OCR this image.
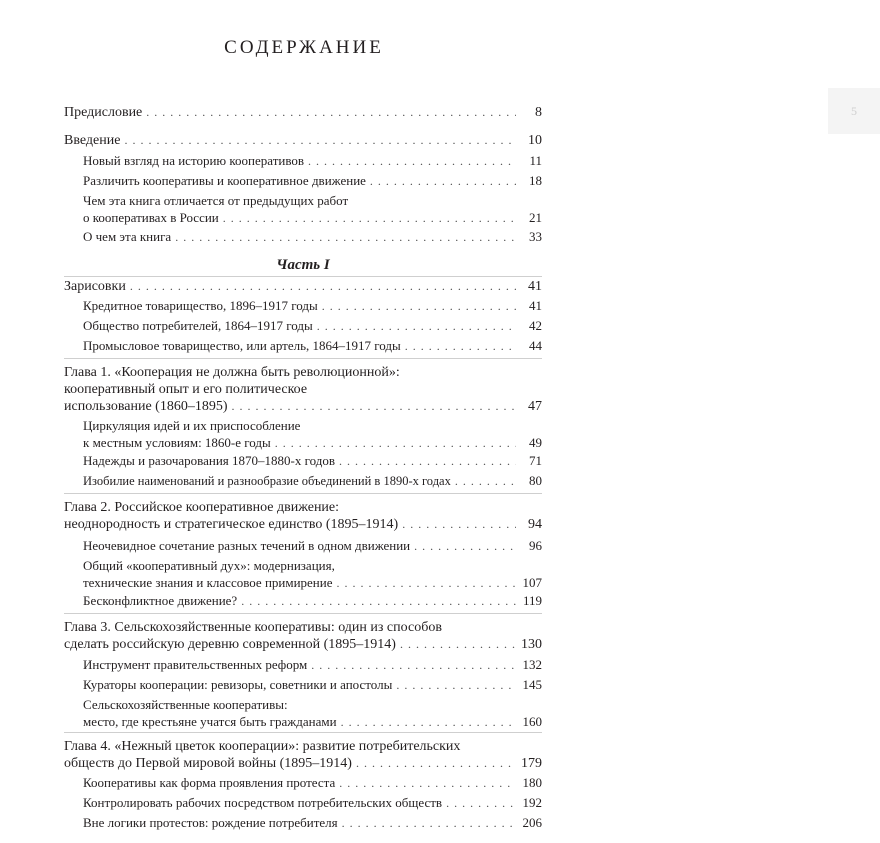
5
СОДЕРЖАНИЕ
Предисловие . . .	8
Введение . . .	10
Новый взгляд на историю кооперативов . . .	11
Различить кооперативы и кооперативное движение . . .	18
Чем эта книга отличается от предыдущих работ
о кооперативах в России . . .	21
О чем эта книга . . .	33
Часть I
Зарисовки . . .	41
Кредитное товарищество, 1896–1917 годы . . .	41
Общество потребителей, 1864–1917 годы . . .	42
Промысловое товарищество, или артель, 1864–1917 годы . . .	44
Глава 1. «Кооперация не должна быть революционной»:
кооперативный опыт и его политическое
использование (1860–1895) . . .	47
Циркуляция идей и их приспособление
к местным условиям: 1860-е годы . . .	49
Надежды и разочарования 1870–1880-х годов . . .	71
Изобилие наименований и разнообразие объединений в 1890-х годах . . .	80
Глава 2. Российское кооперативное движение:
неоднородность и стратегическое единство (1895–1914) . . .	94
Неочевидное сочетание разных течений в одном движении . . .	96
Общий «кооперативный дух»: модернизация,
технические знания и классовое примирение . . .	107
Бесконфликтное движение? . . .	119
Глава 3. Сельскохозяйственные кооперативы: один из способов
сделать российскую деревню современной (1895–1914) . . .	130
Инструмент правительственных реформ . . .	132
Кураторы кооперации: ревизоры, советники и апостолы . . .	145
Сельскохозяйственные кооперативы:
место, где крестьяне учатся быть гражданами . . .	160
Глава 4. «Нежный цветок кооперации»: развитие потребительских
обществ до Первой мировой войны (1895–1914) . . .	179
Кооперативы как форма проявления протеста . . .	180
Контролировать рабочих посредством потребительских обществ . . .	192
Вне логики протестов: рождение потребителя . . .	206
